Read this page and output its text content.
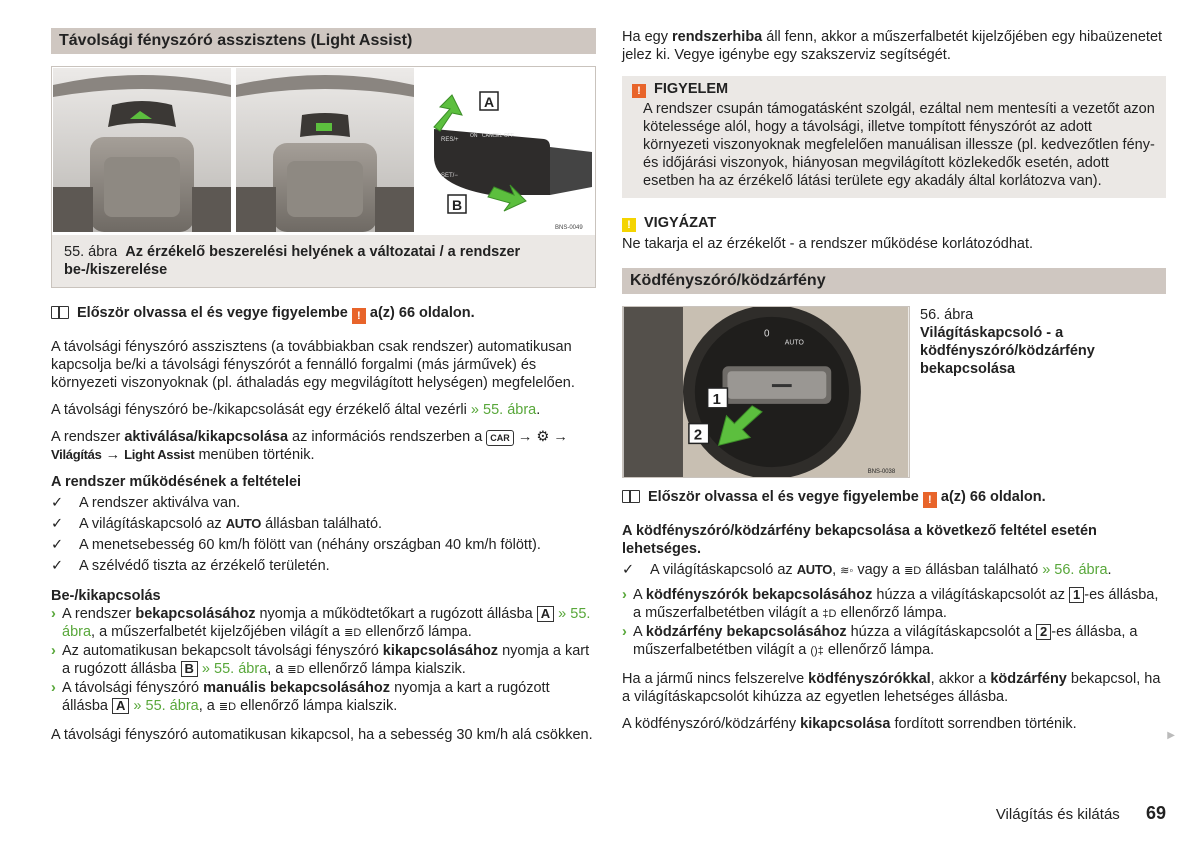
Távolsági fényszóró asszisztens (Light Assist)
RES/+
SET/−
ON CANCEL OFF
A
B
BNS-0049
55. ábra Az érzékelő beszerelési helyének a változatai / a rendszer be-/kiszerelése
Először olvassa el és vegye figyelembe ! a(z) 66 oldalon.
A távolsági fényszóró asszisztens (a továbbiakban csak rendszer) automatikusan kapcsolja be/ki a távolsági fényszórót a fennálló forgalmi (más járművek) és környezeti viszonyoknak (pl. áthaladás egy megvilágított helységen) megfelelően.
A távolsági fényszóró be-/kikapcsolását egy érzékelő által vezérli » 55. ábra.
A rendszer aktiválása/kikapcsolása az információs rendszerben a CAR → ⚙ → Világítás → Light Assist menüben történik.
A rendszer működésének a feltételei
✓	A rendszer aktiválva van.
✓	A világításkapcsoló az AUTO állásban található.
✓	A menetsebesség 60 km/h fölött van (néhány országban 40 km/h fölött).
✓	A szélvédő tiszta az érzékelő területén.
Be-/kikapcsolás
› A rendszer bekapcsolásához nyomja a működtetőkart a rugózott állásba A » 55. ábra, a műszerfalbetét kijelzőjében világít a ≣D ellenőrző lámpa.
› Az automatikusan bekapcsolt távolsági fényszóró kikapcsolásához nyomja a kart a rugózott állásba B » 55. ábra, a ≣D ellenőrző lámpa kialszik.
› A távolsági fényszóró manuális bekapcsolásához nyomja a kart a rugózott állásba A » 55. ábra, a ≣D ellenőrző lámpa kialszik.
A távolsági fényszóró automatikusan kikapcsol, ha a sebesség 30 km/h alá csökken.
Ha egy rendszerhiba áll fenn, akkor a műszerfalbetét kijelzőjében egy hibaüzenetet jelez ki. Vegye igénybe egy szakszerviz segítségét.
! FIGYELEM
A rendszer csupán támogatásként szolgál, ezáltal nem mentesíti a vezetőt azon kötelessége alól, hogy a távolsági, illetve tompított fényszórót az adott környezeti viszonyoknak megfelelően manuálisan illessze (pl. kedvezőtlen fény- és időjárási viszonyok, hiányosan megvilágított közlekedők esetén, adott esetben ha az érzékelő látási területe egy akadály által korlátozva van).
! VIGYÁZAT
Ne takarja el az érzékelőt - a rendszer működése korlátozódhat.
Ködfényszóró/ködzárfény
0
AUTO
1
2
BNS-0038
56. ábra
Világításkapcsoló - a ködfényszóró/ködzárfény bekapcsolása
Először olvassa el és vegye figyelembe ! a(z) 66 oldalon.
A ködfényszóró/ködzárfény bekapcsolása a következő feltétel esetén lehetséges.
✓	A világításkapcsoló az AUTO, ≋◦ vagy a ≣D állásban található » 56. ábra.
› A ködfényszórók bekapcsolásához húzza a világításkapcsolót az 1 -es állásba, a műszerfalbetétben világít a ‡D ellenőrző lámpa.
› A ködzárfény bekapcsolásához húzza a világításkapcsolót a 2 -es állásba, a műszerfalbetétben világít a ()‡ ellenőrző lámpa.
Ha a jármű nincs felszerelve ködfényszórókkal, akkor a ködzárfény bekapcsol, ha a világításkapcsolót kihúzza az egyetlen lehetséges állásba.
A ködfényszóró/ködzárfény kikapcsolása fordított sorrendben történik.
▶
Világítás és kilátás 69
